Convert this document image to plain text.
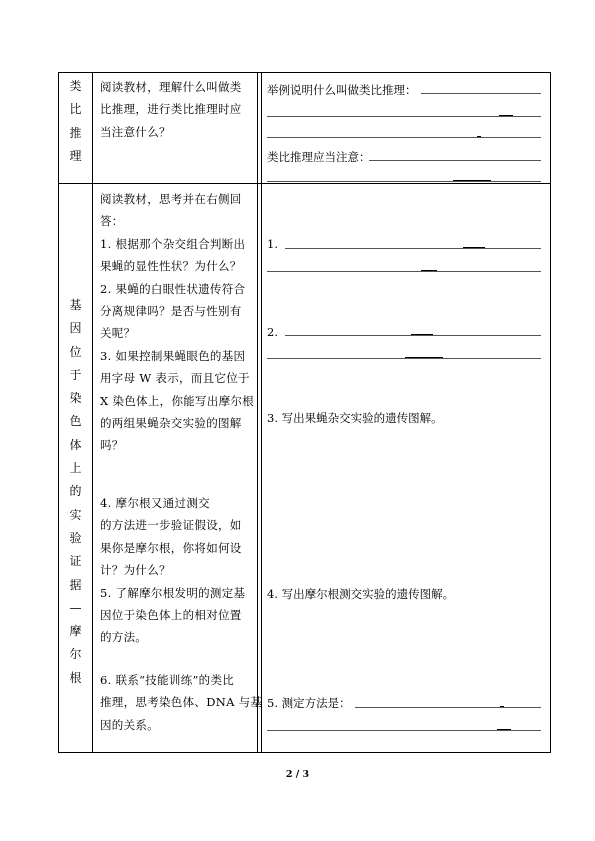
类
比
推
理
阅读教材，理解什么叫做类
比推理，进行类比推理时应
当注意什么？
举例说明什么叫做类比推理：
类比推理应当注意：
基
因
位
于
染
色
体
上
的
实
验
证
据
—
摩
尔
根
阅读教材，思考并在右侧回
答：
1. 根据那个杂交组合判断出
果蝇的显性性状？为什么？
2. 果蝇的白眼性状遗传符合
分离规律吗？是否与性别有
关呢？
3. 如果控制果蝇眼色的基因
用字母 W 表示，而且它位于
X 染色体上，你能写出摩尔根
的两组果蝇杂交实验的图解
吗？
4. 摩尔根又通过测交
的方法进一步验证假设，如
果你是摩尔根，你将如何设
计？为什么？
5. 了解摩尔根发明的测定基
因位于染色体上的相对位置
的方法。
6. 联系“技能训练”的类比
推理，思考染色体、DNA 与基
因的关系。
1.
2.
3. 写出果蝇杂交实验的遗传图解。
4. 写出摩尔根测交实验的遗传图解。
5. 测定方法是：
2 / 3
